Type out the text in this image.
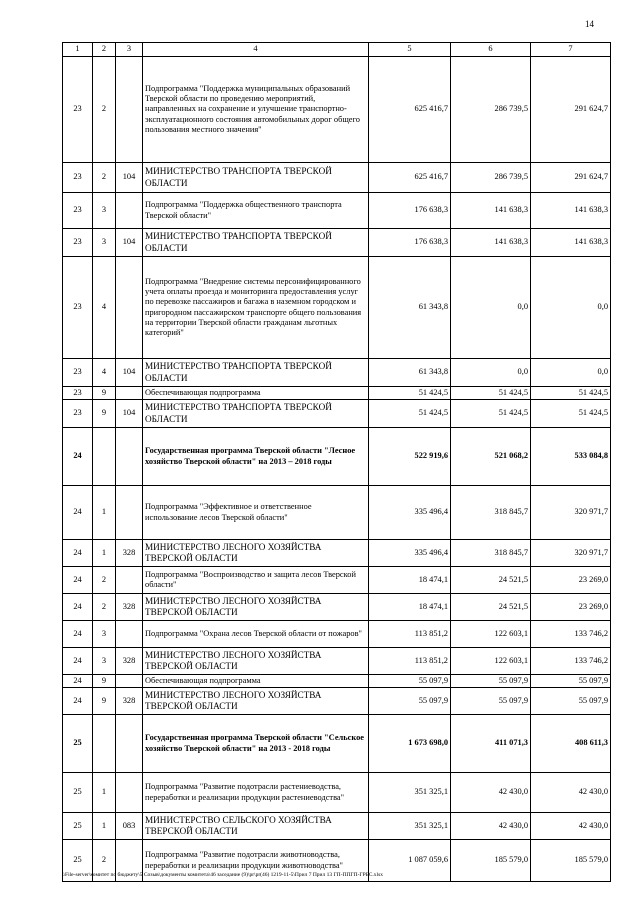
14
1	2	3	4	5	6	7
23	2		Подпрограмма "Поддержка муниципальных образований Тверской области по проведению мероприятий, направленных на сохранение и улучшение транспортно-эксплуатационного состояния автомобильных дорог общего пользования местного значения"	625 416,7	286 739,5	291 624,7
23	2	104	МИНИСТЕРСТВО ТРАНСПОРТА ТВЕРСКОЙ ОБЛАСТИ	625 416,7	286 739,5	291 624,7
23	3		Подпрограмма "Поддержка общественного транспорта Тверской области"	176 638,3	141 638,3	141 638,3
23	3	104	МИНИСТЕРСТВО ТРАНСПОРТА ТВЕРСКОЙ ОБЛАСТИ	176 638,3	141 638,3	141 638,3
23	4		Подпрограмма "Внедрение системы персонифицированного учета оплаты проезда и мониторинга предоставления услуг по перевозке пассажиров и багажа в наземном городском и пригородном пассажирском транспорте общего пользования на территории Тверской области гражданам льготных категорий"	61 343,8	0,0	0,0
23	4	104	МИНИСТЕРСТВО ТРАНСПОРТА ТВЕРСКОЙ ОБЛАСТИ	61 343,8	0,0	0,0
23	9		Обеспечивающая подпрограмма	51 424,5	51 424,5	51 424,5
23	9	104	МИНИСТЕРСТВО ТРАНСПОРТА ТВЕРСКОЙ ОБЛАСТИ	51 424,5	51 424,5	51 424,5
24			Государственная программа Тверской области "Лесное хозяйство Тверской области" на 2013 – 2018 годы	522 919,6	521 068,2	533 084,8
24	1		Подпрограмма "Эффективное и ответственное использование лесов Тверской области"	335 496,4	318 845,7	320 971,7
24	1	328	МИНИСТЕРСТВО ЛЕСНОГО ХОЗЯЙСТВА ТВЕРСКОЙ ОБЛАСТИ	335 496,4	318 845,7	320 971,7
24	2		Подпрограмма "Воспроизводство и защита лесов Тверской области"	18 474,1	24 521,5	23 269,0
24	2	328	МИНИСТЕРСТВО ЛЕСНОГО ХОЗЯЙСТВА ТВЕРСКОЙ ОБЛАСТИ	18 474,1	24 521,5	23 269,0
24	3		Подпрограмма "Охрана лесов Тверской области от пожаров"	113 851,2	122 603,1	133 746,2
24	3	328	МИНИСТЕРСТВО ЛЕСНОГО ХОЗЯЙСТВА ТВЕРСКОЙ ОБЛАСТИ	113 851,2	122 603,1	133 746,2
24	9		Обеспечивающая подпрограмма	55 097,9	55 097,9	55 097,9
24	9	328	МИНИСТЕРСТВО ЛЕСНОГО ХОЗЯЙСТВА ТВЕРСКОЙ ОБЛАСТИ	55 097,9	55 097,9	55 097,9
25			Государственная программа Тверской области "Сельское хозяйство Тверской области" на 2013 - 2018 годы	1 673 698,0	411 071,3	408 611,3
25	1		Подпрограмма "Развитие подотрасли растениеводства, переработки и реализации продукции растениеводства"	351 325,1	42 430,0	42 430,0
25	1	083	МИНИСТЕРСТВО СЕЛЬСКОГО ХОЗЯЙСТВА ТВЕРСКОЙ ОБЛАСТИ	351 325,1	42 430,0	42 430,0
25	2		Подпрограмма "Развитие подотрасли животноводства, переработки и реализации продукции животноводства"	1 087 059,6	185 579,0	185 579,0
\\File-server\комитет по бюджету\5 Созыв\документы комитета\46 заседание (9)\pr\pr(46) 1219-11-5\Прил 7 Прил 13 ГП-ППГП-ГРБС.xlsx
